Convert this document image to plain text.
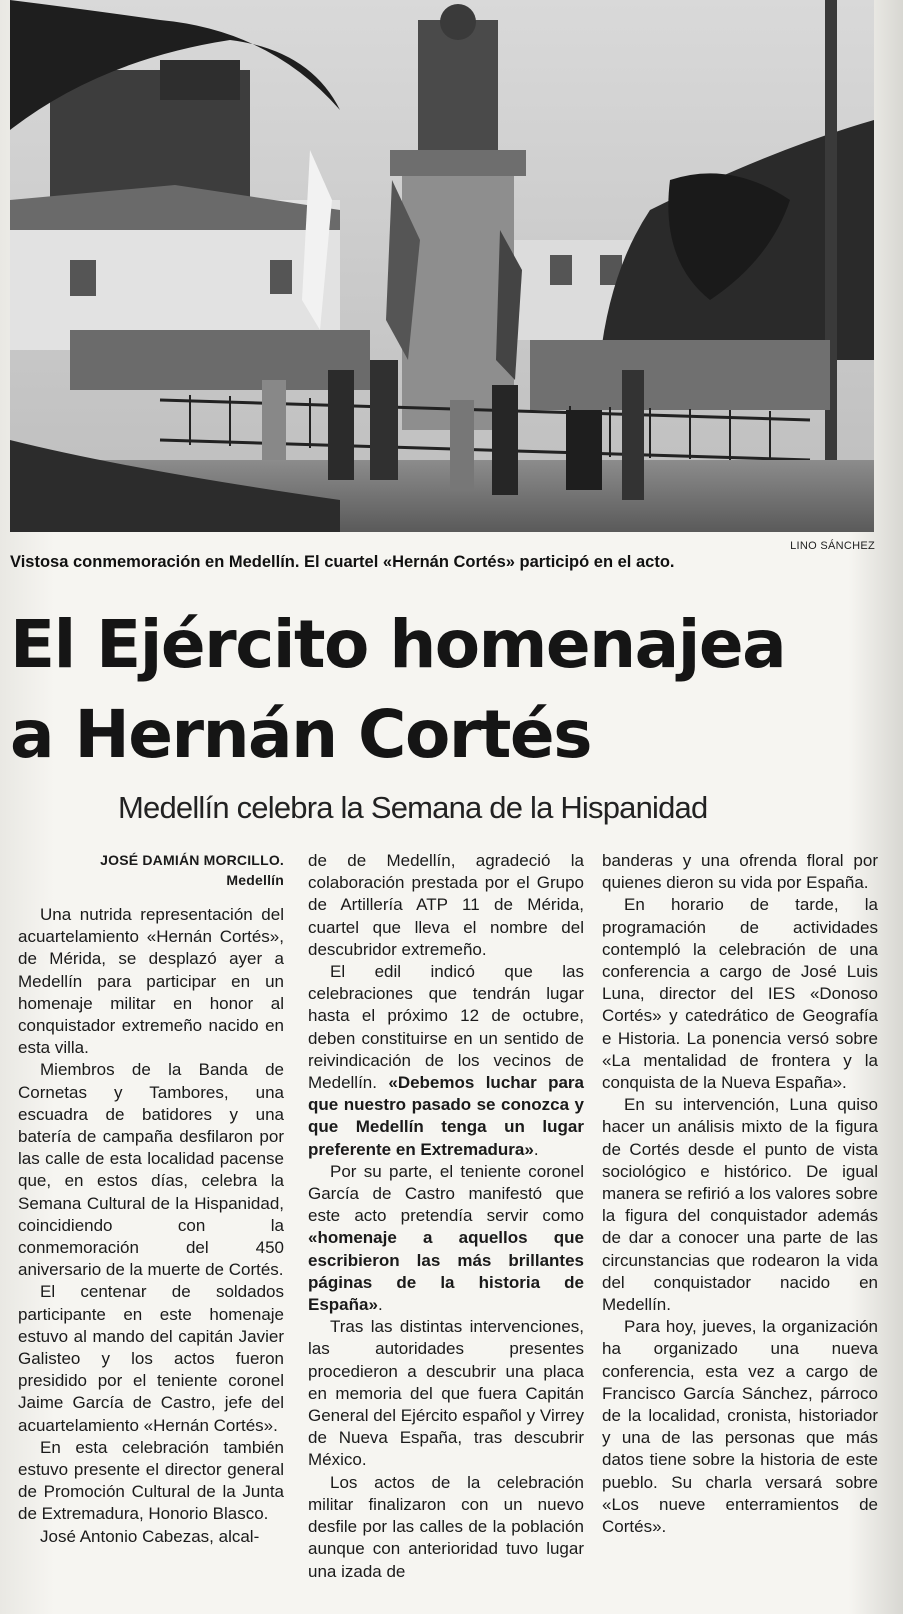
LINO SÁNCHEZ
Vistosa conmemoración en Medellín. El cuartel «Hernán Cortés» participó en el acto.
El Ejército homenajea
a Hernán Cortés
Medellín celebra la Semana de la Hispanidad
JOSÉ DAMIÁN MORCILLO.
Medellín

Una nutrida representación del acuartelamiento «Hernán Cortés», de Mérida, se desplazó ayer a Medellín para participar en un homenaje militar en honor al conquistador extremeño nacido en esta villa.

Miembros de la Banda de Cornetas y Tambores, una escuadra de batidores y una batería de campaña desfilaron por las calle de esta localidad pacense que, en estos días, celebra la Semana Cultural de la Hispanidad, coincidiendo con la conmemoración del 450 aniversario de la muerte de Cortés.

El centenar de soldados participante en este homenaje estuvo al mando del capitán Javier Galisteo y los actos fueron presidido por el teniente coronel Jaime García de Castro, jefe del acuartelamiento «Hernán Cortés».

En esta celebración también estuvo presente el director general de Promoción Cultural de la Junta de Extremadura, Honorio Blasco.

José Antonio Cabezas, alcal-

de de Medellín, agradeció la colaboración prestada por el Grupo de Artillería ATP 11 de Mérida, cuartel que lleva el nombre del descubridor extremeño.

El edil indicó que las celebraciones que tendrán lugar hasta el próximo 12 de octubre, deben constituirse en un sentido de reivindicación de los vecinos de Medellín. «Debemos luchar para que nuestro pasado se conozca y que Medellín tenga un lugar preferente en Extremadura».

Por su parte, el teniente coronel García de Castro manifestó que este acto pretendía servir como «homenaje a aquellos que escribieron las más brillantes páginas de la historia de España».

Tras las distintas intervenciones, las autoridades presentes procedieron a descubrir una placa en memoria del que fuera Capitán General del Ejército español y Virrey de Nueva España, tras descubrir México.

Los actos de la celebración militar finalizaron con un nuevo desfile por las calles de la población aunque con anterioridad tuvo lugar una izada de

banderas y una ofrenda floral por quienes dieron su vida por España.

En horario de tarde, la programación de actividades contempló la celebración de una conferencia a cargo de José Luis Luna, director del IES «Donoso Cortés» y catedrático de Geografía e Historia. La ponencia versó sobre «La mentalidad de frontera y la conquista de la Nueva España».

En su intervención, Luna quiso hacer un análisis mixto de la figura de Cortés desde el punto de vista sociológico e histórico. De igual manera se refirió a los valores sobre la figura del conquistador además de dar a conocer una parte de las circunstancias que rodearon la vida del conquistador nacido en Medellín.

Para hoy, jueves, la organización ha organizado una nueva conferencia, esta vez a cargo de Francisco García Sánchez, párroco de la localidad, cronista, historiador y una de las personas que más datos tiene sobre la historia de este pueblo. Su charla versará sobre «Los nueve enterramientos de Cortés».
